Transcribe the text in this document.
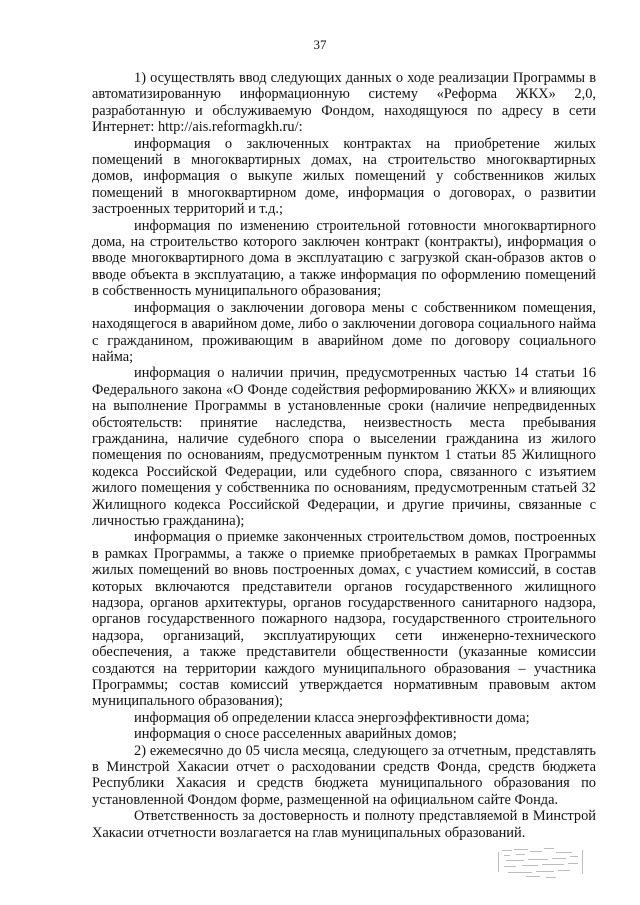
37

1) осуществлять ввод следующих данных о ходе реализации Программы в автоматизированную информационную систему «Реформа ЖКХ» 2,0, разработанную и обслуживаемую Фондом, находящуюся по адресу в сети Интернет: http://ais.reformagkh.ru/:

информация о заключенных контрактах на приобретение жилых помещений в многоквартирных домах, на строительство многоквартирных домов, информация о выкупе жилых помещений у собственников жилых помещений в многоквартирном доме, информация о договорах, о развитии застроенных территорий и т.д.;

информация по изменению строительной готовности многоквартирного дома, на строительство которого заключен контракт (контракты), информация о вводе многоквартирного дома в эксплуатацию с загрузкой скан-образов актов о вводе объекта в эксплуатацию, а также информация по оформлению помещений в собственность муниципального образования;

информация о заключении договора мены с собственником помещения, находящегося в аварийном доме, либо о заключении договора социального найма с гражданином, проживающим в аварийном доме по договору социального найма;

информация о наличии причин, предусмотренных частью 14 статьи 16 Федерального закона «О Фонде содействия реформированию ЖКХ» и влияющих на выполнение Программы в установленные сроки (наличие непредвиденных обстоятельств: принятие наследства, неизвестность места пребывания гражданина, наличие судебного спора о выселении гражданина из жилого помещения по основаниям, предусмотренным пунктом 1 статьи 85 Жилищного кодекса Российской Федерации, или судебного спора, связанного с изъятием жилого помещения у собственника по основаниям, предусмотренным статьей 32 Жилищного кодекса Российской Федерации, и другие причины, связанные с личностью гражданина);

информация о приемке законченных строительством домов, построенных в рамках Программы, а также о приемке приобретаемых в рамках Программы жилых помещений во вновь построенных домах, с участием комиссий, в состав которых включаются представители органов государственного жилищного надзора, органов архитектуры, органов государственного санитарного надзора, органов государственного пожарного надзора, государственного строительного надзора, организаций, эксплуатирующих сети инженерно-технического обеспечения, а также представители общественности (указанные комиссии создаются на территории каждого муниципального образования – участника Программы; состав комиссий утверждается нормативным правовым актом муниципального образования);

информация об определении класса энергоэффективности дома;

информация о сносе расселенных аварийных домов;

2) ежемесячно до 05 числа месяца, следующего за отчетным, представлять в Минстрой Хакасии отчет о расходовании средств Фонда, средств бюджета Республики Хакасия и средств бюджета муниципального образования по установленной Фондом форме, размещенной на официальном сайте Фонда.

Ответственность за достоверность и полноту представляемой в Минстрой Хакасии отчетности возлагается на глав муниципальных образований.
